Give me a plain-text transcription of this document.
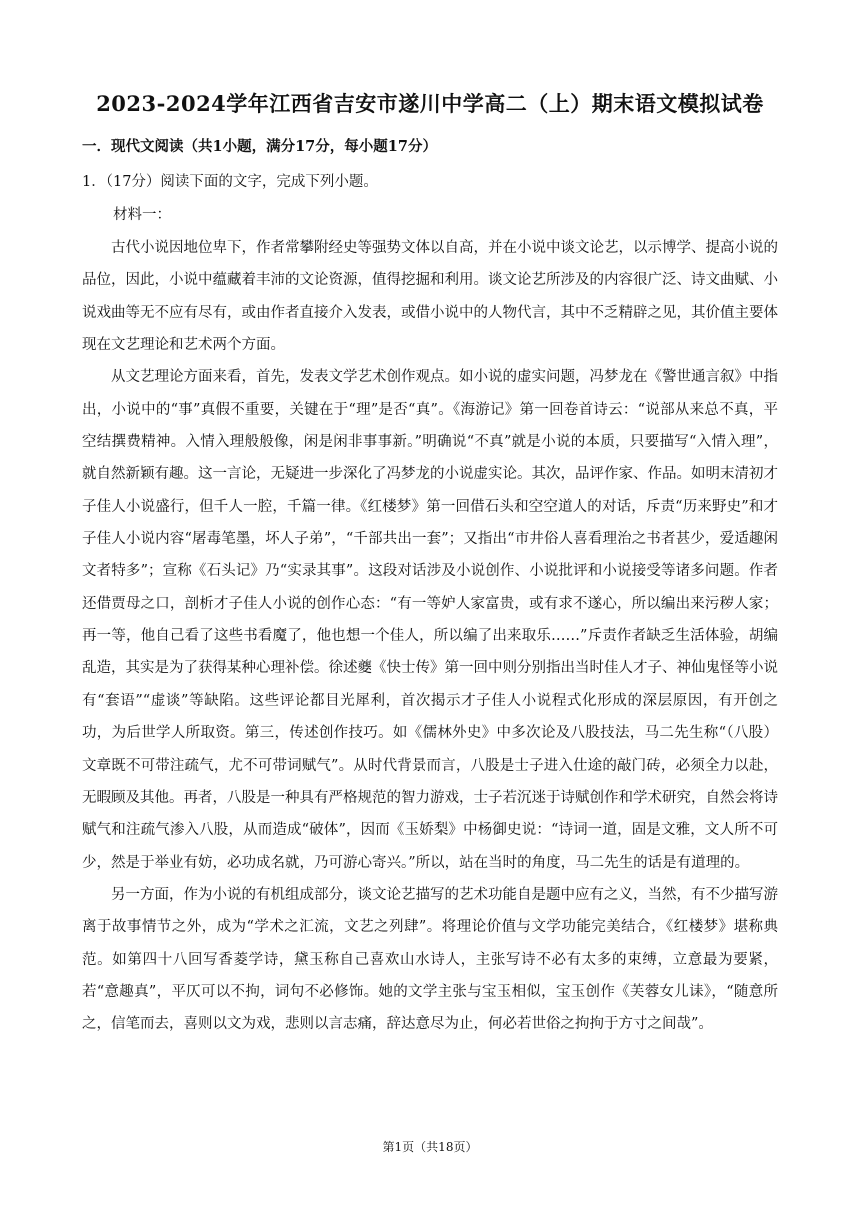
2023-2024学年江西省吉安市遂川中学高二（上）期末语文模拟试卷
一．现代文阅读（共1小题，满分17分，每小题17分）
1．（17分）阅读下面的文字，完成下列小题。
材料一：

古代小说因地位卑下，作者常攀附经史等强势文体以自高，并在小说中谈文论艺，以示博学、提高小说的品位，因此，小说中蕴藏着丰沛的文论资源，值得挖掘和利用。谈文论艺所涉及的内容很广泛、诗文曲赋、小说戏曲等无不应有尽有，或由作者直接介入发表，或借小说中的人物代言，其中不乏精辟之见，其价值主要体现在文艺理论和艺术两个方面。

从文艺理论方面来看，首先，发表文学艺术创作观点。如小说的虚实问题，冯梦龙在《警世通言叙》中指出，小说中的“事”真假不重要，关键在于“理”是否“真”。《海游记》第一回卷首诗云：“说部从来总不真，平空结撰费精神。入情入理般般像，闲是闲非事事新。”明确说“不真”就是小说的本质，只要描写“入情入理”，就自然新颖有趣。这一言论，无疑进一步深化了冯梦龙的小说虚实论。其次，品评作家、作品。如明末清初才子佳人小说盛行，但千人一腔，千篇一律。《红楼梦》第一回借石头和空空道人的对话，斥责“历来野史”和才子佳人小说内容“屠毒笔墨，坏人子弟”，“千部共出一套”；又指出“市井俗人喜看理治之书者甚少，爱适趣闲文者特多”；宣称《石头记》乃“实录其事”。这段对话涉及小说创作、小说批评和小说接受等诸多问题。作者还借贾母之口，剖析才子佳人小说的创作心态：“有一等妒人家富贵，或有求不遂心，所以编出来污秽人家；再一等，他自己看了这些书看魔了，他也想一个佳人，所以编了出来取乐……”斥责作者缺乏生活体验，胡编乱造，其实是为了获得某种心理补偿。徐述夔《快士传》第一回中则分别指出当时佳人才子、神仙鬼怪等小说有“套语”“虚谈”等缺陷。这些评论都目光犀利，首次揭示才子佳人小说程式化形成的深层原因，有开创之功，为后世学人所取资。第三，传述创作技巧。如《儒林外史》中多次论及八股技法，马二先生称“（八股）文章既不可带注疏气，尤不可带词赋气”。从时代背景而言，八股是士子进入仕途的敲门砖，必须全力以赴，无暇顾及其他。再者，八股是一种具有严格规范的智力游戏，士子若沉迷于诗赋创作和学术研究，自然会将诗赋气和注疏气渗入八股，从而造成“破体”，因而《玉娇梨》中杨御史说：“诗词一道，固是文雅，文人所不可少，然是于举业有妨，必功成名就，乃可游心寄兴。”所以，站在当时的角度，马二先生的话是有道理的。

另一方面，作为小说的有机组成部分，谈文论艺描写的艺术功能自是题中应有之义，当然，有不少描写游离于故事情节之外，成为“学术之汇流，文艺之列肆”。将理论价值与文学功能完美结合，《红楼梦》堪称典范。如第四十八回写香菱学诗，黛玉称自己喜欢山水诗人，主张写诗不必有太多的束缚，立意最为要紧，若“意趣真”，平仄可以不拘，词句不必修饰。她的文学主张与宝玉相似，宝玉创作《芙蓉女儿诔》，“随意所之，信笔而去，喜则以文为戏，悲则以言志痛，辞达意尽为止，何必若世俗之拘拘于方寸之间哉”。

第1页（共18页）
